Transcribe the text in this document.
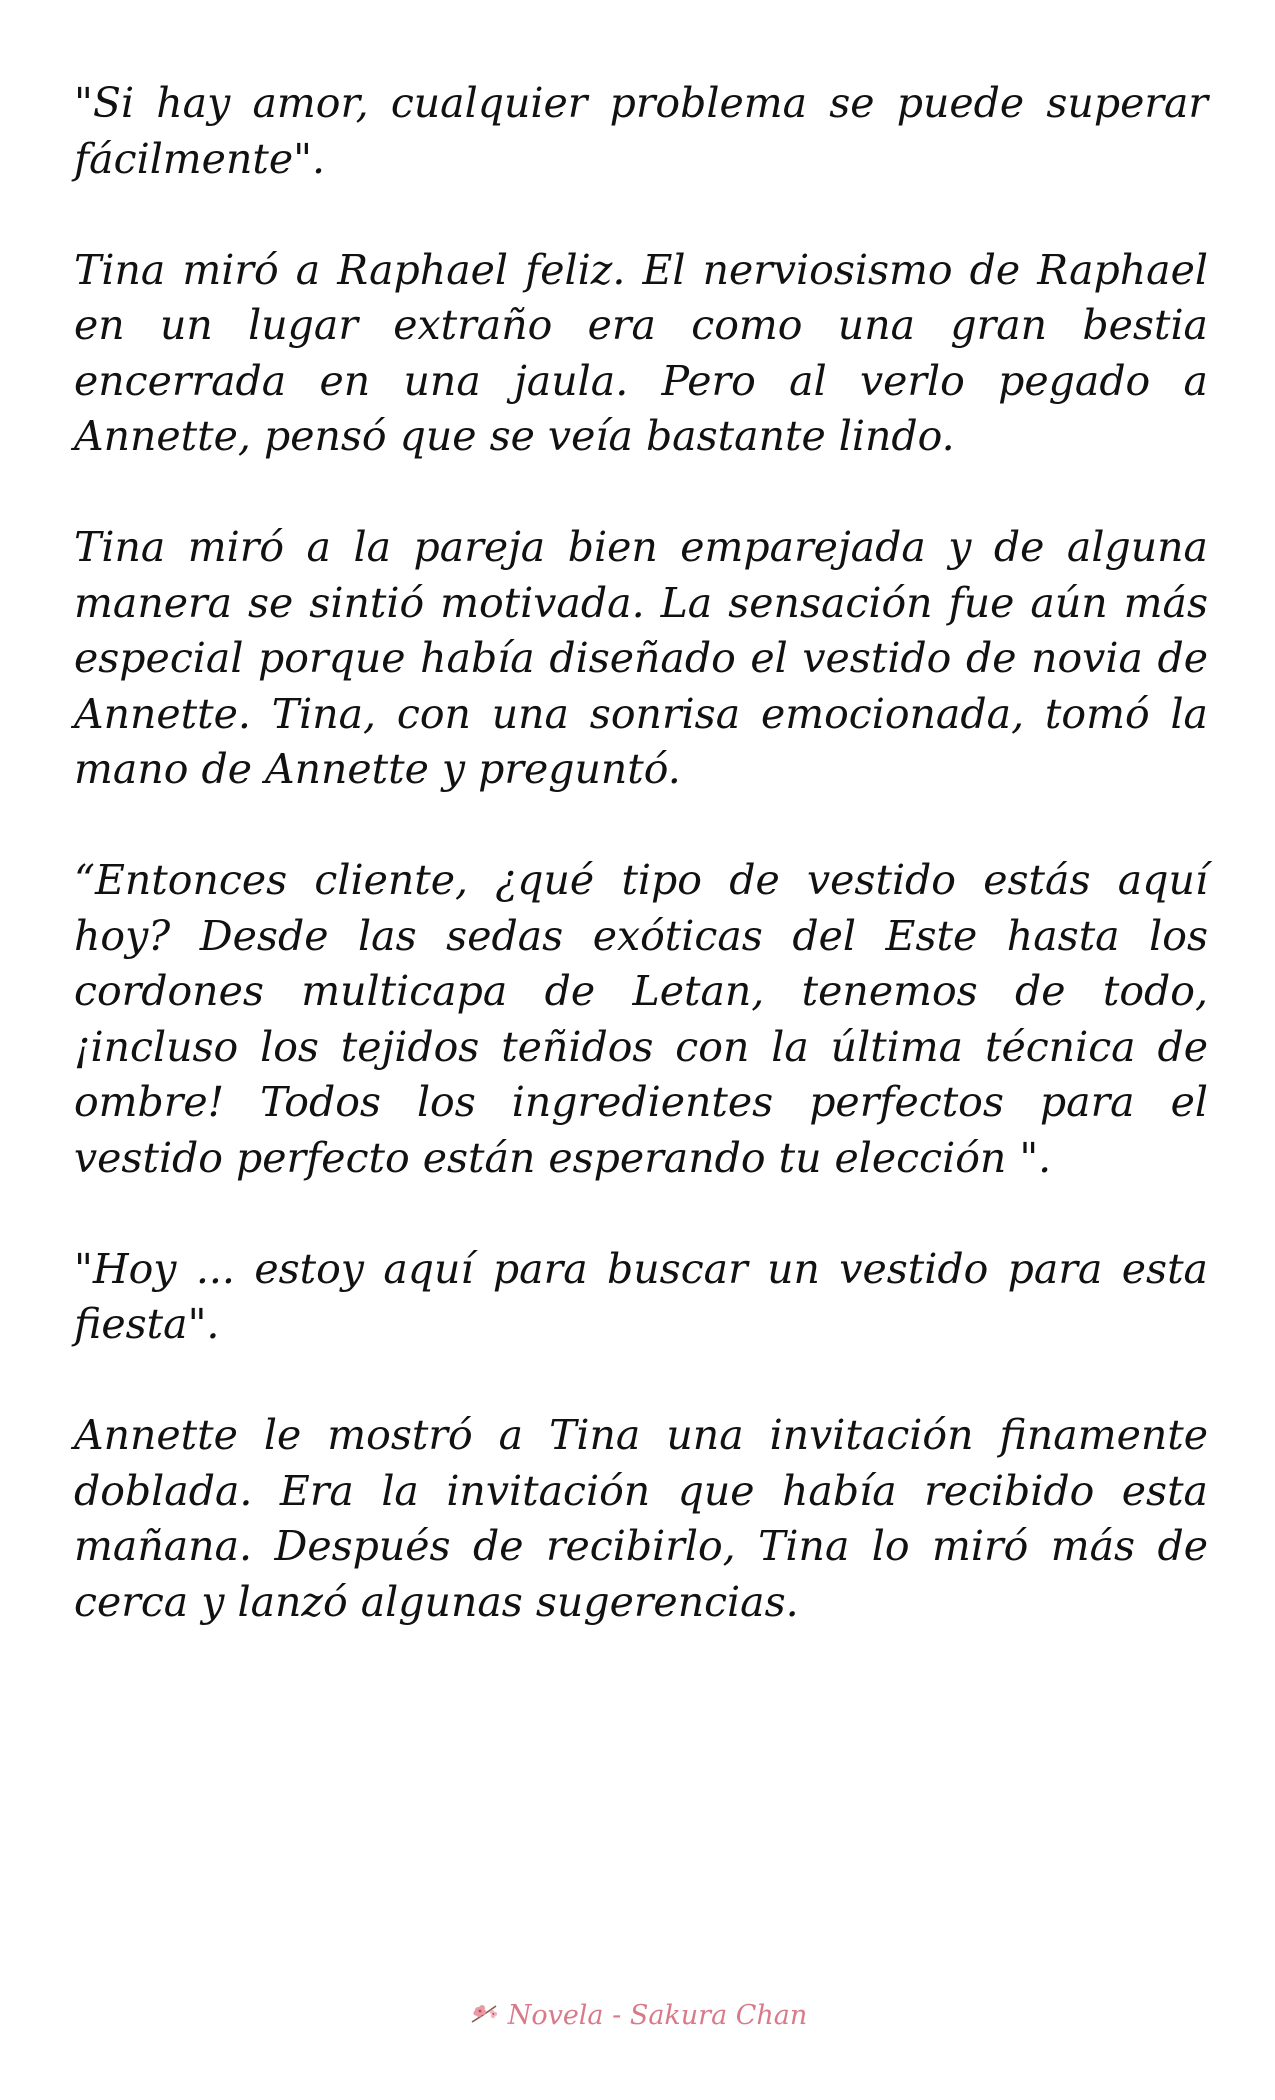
"Si hay amor, cualquier problema se puede superar fácilmente".

Tina miró a Raphael feliz. El nerviosismo de Raphael en un lugar extraño era como una gran bestia encerrada en una jaula. Pero al verlo pegado a Annette, pensó que se veía bastante lindo.

Tina miró a la pareja bien emparejada y de alguna manera se sintió motivada. La sensación fue aún más especial porque había diseñado el vestido de novia de Annette. Tina, con una sonrisa emocionada, tomó la mano de Annette y preguntó.

“Entonces cliente, ¿qué tipo de vestido estás aquí hoy? Desde las sedas exóticas del Este hasta los cordones multicapa de Letan, tenemos de todo, ¡incluso los tejidos teñidos con la última técnica de ombre! Todos los ingredientes perfectos para el vestido perfecto están esperando tu elección ".

"Hoy ... estoy aquí para buscar un vestido para esta fiesta".

Annette le mostró a Tina una invitación finamente doblada. Era la invitación que había recibido esta mañana. Después de recibirlo, Tina lo miró más de cerca y lanzó algunas sugerencias.

Novela - Sakura Chan
